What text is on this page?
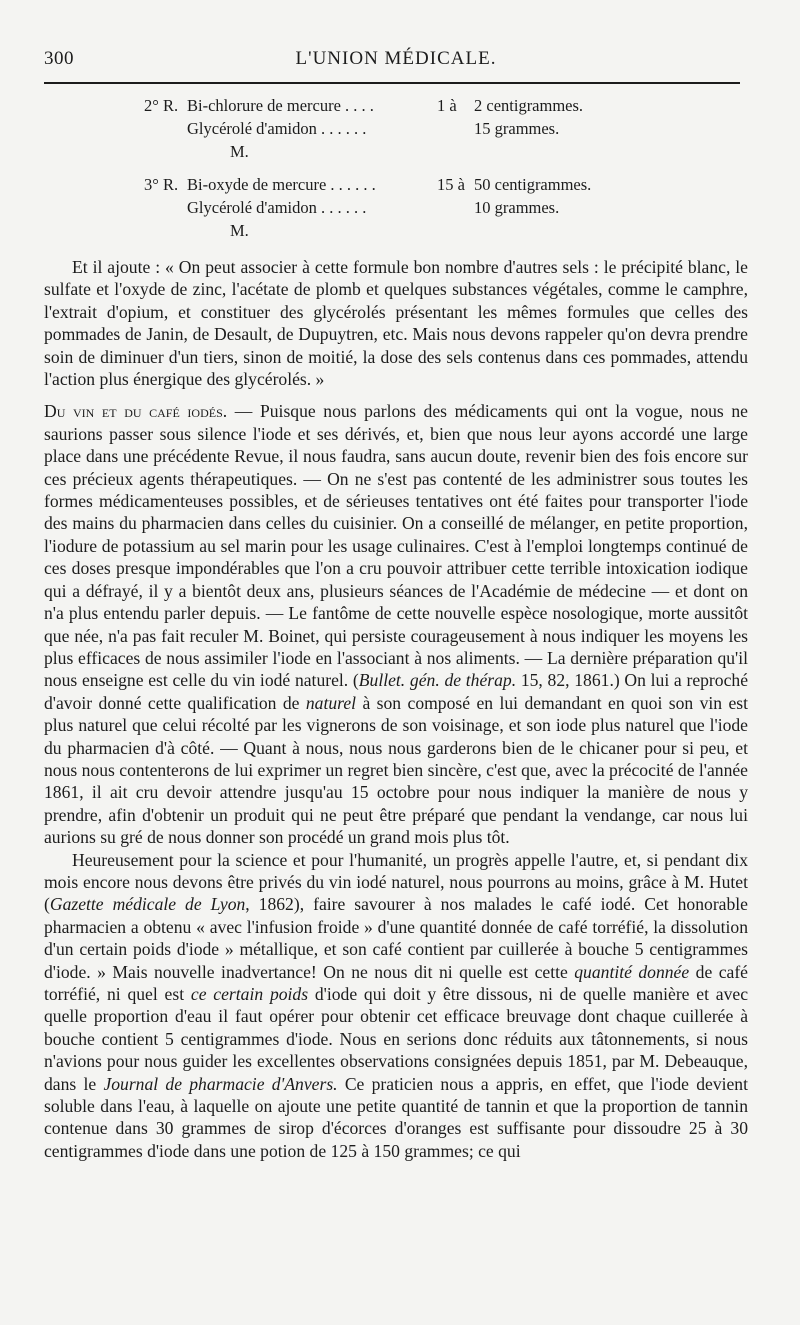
300	L'UNION MÉDICALE.
2° R. Bi-chlorure de mercure . . . .	1 à 2 centigrammes.
Glycérolé d'amidon . . . . . .	15 grammes.
M.
3° R. Bi-oxyde de mercure . . . . . .	15 à 50 centigrammes.
Glycérolé d'amidon . . . . . .	10 grammes.
M.

Et il ajoute : « On peut associer à cette formule bon nombre d'autres sels : le précipité blanc, le sulfate et l'oxyde de zinc, l'acétate de plomb et quelques substances végétales, comme le camphre, l'extrait d'opium, et constituer des glycérolés présentant les mêmes formules que celles des pommades de Janin, de Desault, de Dupuytren, etc. Mais nous devons rappeler qu'on devra prendre soin de diminuer d'un tiers, sinon de moitié, la dose des sels contenus dans ces pommades, attendu l'action plus énergique des glycérolés. »

Du vin et du café iodés. — Puisque nous parlons des médicaments qui ont la vogue, nous ne saurions passer sous silence l'iode et ses dérivés, et, bien que nous leur ayons accordé une large place dans une précédente Revue, il nous faudra, sans aucun doute, revenir bien des fois encore sur ces précieux agents thérapeutiques. — On ne s'est pas contenté de les administrer sous toutes les formes médicamenteuses possibles, et de sérieuses tentatives ont été faites pour transporter l'iode des mains du pharmacien dans celles du cuisinier. On a conseillé de mélanger, en petite proportion, l'iodure de potassium au sel marin pour les usage culinaires. C'est à l'emploi longtemps continué de ces doses presque impondérables que l'on a cru pouvoir attribuer cette terrible intoxication iodique qui a défrayé, il y a bientôt deux ans, plusieurs séances de l'Académie de médecine — et dont on n'a plus entendu parler depuis. — Le fantôme de cette nouvelle espèce nosologique, morte aussitôt que née, n'a pas fait reculer M. Boinet, qui persiste courageusement à nous indiquer les moyens les plus efficaces de nous assimiler l'iode en l'associant à nos aliments. — La dernière préparation qu'il nous enseigne est celle du vin iodé naturel. (Bullet. gén. de thérap. 15, 82, 1861.) On lui a reproché d'avoir donné cette qualification de naturel à son composé en lui demandant en quoi son vin est plus naturel que celui récolté par les vignerons de son voisinage, et son iode plus naturel que l'iode du pharmacien d'à côté. — Quant à nous, nous nous garderons bien de le chicaner pour si peu, et nous nous contenterons de lui exprimer un regret bien sincère, c'est que, avec la précocité de l'année 1861, il ait cru devoir attendre jusqu'au 15 octobre pour nous indiquer la manière de nous y prendre, afin d'obtenir un produit qui ne peut être préparé que pendant la vendange, car nous lui aurions su gré de nous donner son procédé un grand mois plus tôt.

Heureusement pour la science et pour l'humanité, un progrès appelle l'autre, et, si pendant dix mois encore nous devons être privés du vin iodé naturel, nous pourrons au moins, grâce à M. Hutet (Gazette médicale de Lyon, 1862), faire savourer à nos malades le café iodé. Cet honorable pharmacien a obtenu « avec l'infusion froide » d'une quantité donnée de café torréfié, la dissolution d'un certain poids d'iode » métallique, et son café contient par cuillerée à bouche 5 centigrammes d'iode. » Mais nouvelle inadvertance! On ne nous dit ni quelle est cette quantité donnée de café torréfié, ni quel est ce certain poids d'iode qui doit y être dissous, ni de quelle manière et avec quelle proportion d'eau il faut opérer pour obtenir cet efficace breuvage dont chaque cuillerée à bouche contient 5 centigrammes d'iode. Nous en serions donc réduits aux tâtonnements, si nous n'avions pour nous guider les excellentes observations consignées depuis 1851, par M. Debeauque, dans le Journal de pharmacie d'Anvers. Ce praticien nous a appris, en effet, que l'iode devient soluble dans l'eau, à laquelle on ajoute une petite quantité de tannin et que la proportion de tannin contenue dans 30 grammes de sirop d'écorces d'oranges est suffisante pour dissoudre 25 à 30 centigrammes d'iode dans une potion de 125 à 150 grammes; ce qui
